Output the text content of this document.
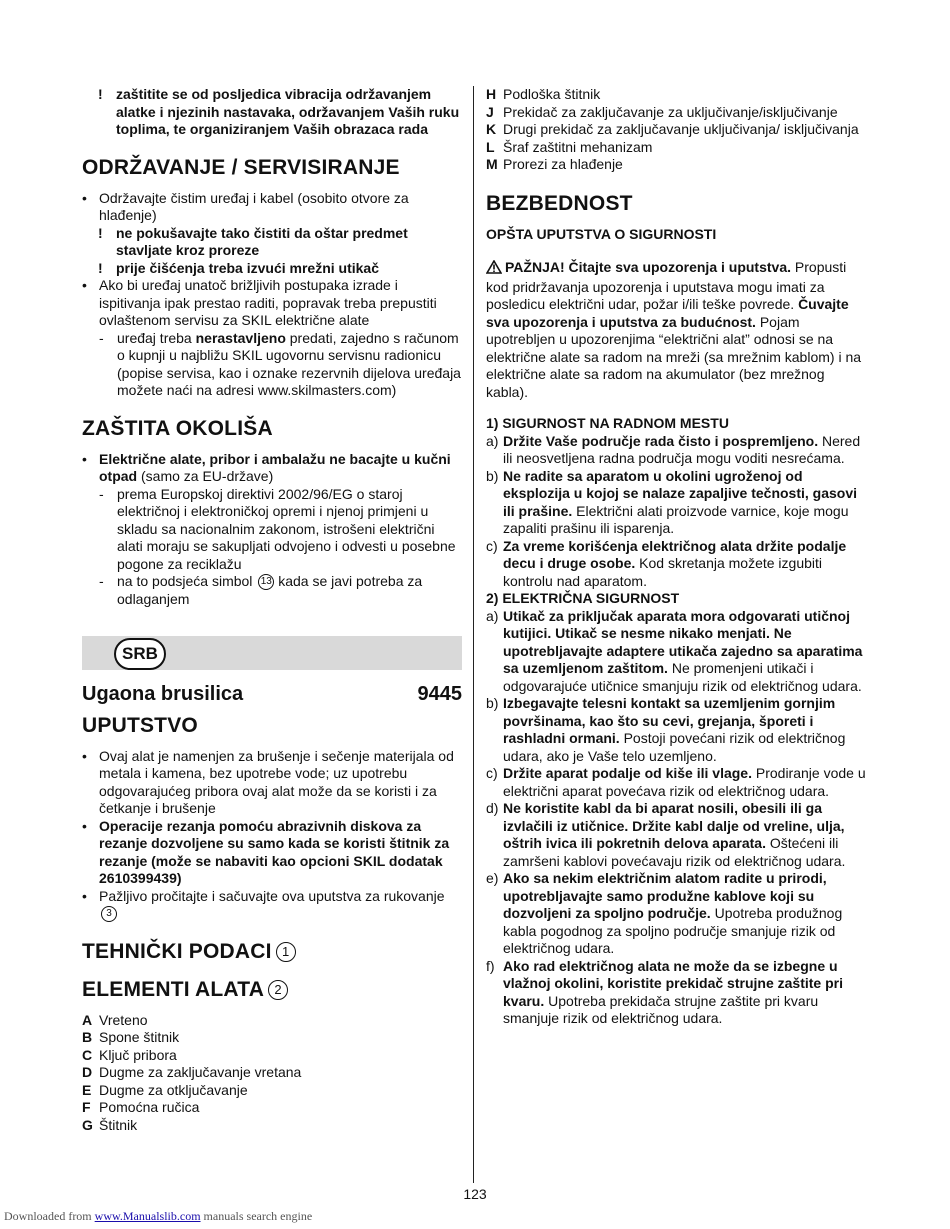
! zaštitite se od posljedica vibracija održavanjem alatke i njezinih nastavaka, održavanjem Vaših ruku toplima, te organiziranjem Vaših obrazaca rada
ODRŽAVANJE / SERVISIRANJE
• Održavajte čistim uređaj i kabel (osobito otvore za hlađenje)
! ne pokušavajte tako čistiti da oštar predmet stavljate kroz proreze
! prije čišćenja treba izvući mrežni utikač
• Ako bi uređaj unatoč brižljivih postupaka izrade i ispitivanja ipak prestao raditi, popravak treba prepustiti ovlaštenom servisu za SKIL električne alate
- uređaj treba nerastavljeno predati, zajedno s računom o kupnji u najbližu SKIL ugovornu servisnu radionicu (popise servisa, kao i oznake rezervnih dijelova uređaja možete naći na adresi www.skilmasters.com)
ZAŠTITA OKOLIŠA
• Električne alate, pribor i ambalažu ne bacajte u kučni otpad (samo za EU-države)
- prema Europskoj direktivi 2002/96/EG o staroj električnoj i elektroničkoj opremi i njenoj primjeni u skladu sa nacionalnim zakonom, istrošeni električni alati moraju se sakupljati odvojeno i odvesti u posebne pogone za reciklažu
- na to podsjeća simbol 13 kada se javi potreba za odlaganjem
SRB
Ugaona brusilica	9445
UPUTSTVO
• Ovaj alat je namenjen za brušenje i sečenje materijala od metala i kamena, bez upotrebe vode; uz upotrebu odgovarajućeg pribora ovaj alat može da se koristi i za četkanje i brušenje
• Operacije rezanja pomoću abrazivnih diskova za rezanje dozvoljene su samo kada se koristi štitnik za rezanje (može se nabaviti kao opcioni SKIL dodatak 2610399439)
• Pažljivo pročitajte i sačuvajte ova uputstva za rukovanje 3
TEHNIČKI PODACI 1
ELEMENTI ALATA 2
A Vreteno
B Spone štitnik
C Ključ pribora
D Dugme za zaključavanje vretana
E Dugme za otključavanje
F Pomoćna ručica
G Štitnik
H Podloška štitnik
J Prekidač za zaključavanje za uključivanje/isključivanje
K Drugi prekidač za zaključavanje uključivanja/ isključivanja
L Šraf zaštitni mehanizam
M Prorezi za hlađenje
BEZBEDNOST
OPŠTA UPUTSTVA O SIGURNOSTI
PAŽNJA! Čitajte sva upozorenja i uputstva. Propusti kod pridržavanja upozorenja i uputstava mogu imati za posledicu električni udar, požar i/ili teške povrede. Čuvajte sva upozorenja i uputstva za budućnost. Pojam upotrebljen u upozorenjima “električni alat” odnosi se na električne alate sa radom na mreži (sa mrežnim kablom) i na električne alate sa radom na akumulator (bez mrežnog kabla).
1) SIGURNOST NA RADNOM MESTU
a) Držite Vaše područje rada čisto i pospremljeno. Nered ili neosvetljena radna područja mogu voditi nesrećama.
b) Ne radite sa aparatom u okolini ugroženoj od eksplozija u kojoj se nalaze zapaljive tečnosti, gasovi ili prašine. Električni alati proizvode varnice, koje mogu zapaliti prašinu ili isparenja.
c) Za vreme korišćenja električnog alata držite podalje decu i druge osobe. Kod skretanja možete izgubiti kontrolu nad aparatom.
2) ELEKTRIČNA SIGURNOST
a) Utikač za priključak aparata mora odgovarati utičnoj kutijici. Utikač se nesme nikako menjati. Ne upotrebljavajte adaptere utikača zajedno sa aparatima sa uzemljenom zaštitom. Ne promenjeni utikači i odgovarajuće utičnice smanjuju rizik od električnog udara.
b) Izbegavajte telesni kontakt sa uzemljenim gornjim površinama, kao što su cevi, grejanja, šporeti i rashladni ormani. Postoji povećani rizik od električnog udara, ako je Vaše telo uzemljeno.
c) Držite aparat podalje od kiše ili vlage. Prodiranje vode u električni aparat povećava rizik od električnog udara.
d) Ne koristite kabl da bi aparat nosili, obesili ili ga izvlačili iz utičnice. Držite kabl dalje od vreline, ulja, oštrih ivica ili pokretnih delova aparata. Oštećeni ili zamršeni kablovi povećavaju rizik od električnog udara.
e) Ako sa nekim električnim alatom radite u prirodi, upotrebljavajte samo produžne kablove koji su dozvoljeni za spoljno područje. Upotreba produžnog kabla pogodnog za spoljno područje smanjuje rizik od električnog udara.
f) Ako rad električnog alata ne može da se izbegne u vlažnoj okolini, koristite prekidač strujne zaštite pri kvaru. Upotreba prekidača strujne zaštite pri kvaru smanjuje rizik od električnog udara.
123
Downloaded from www.Manualslib.com manuals search engine
